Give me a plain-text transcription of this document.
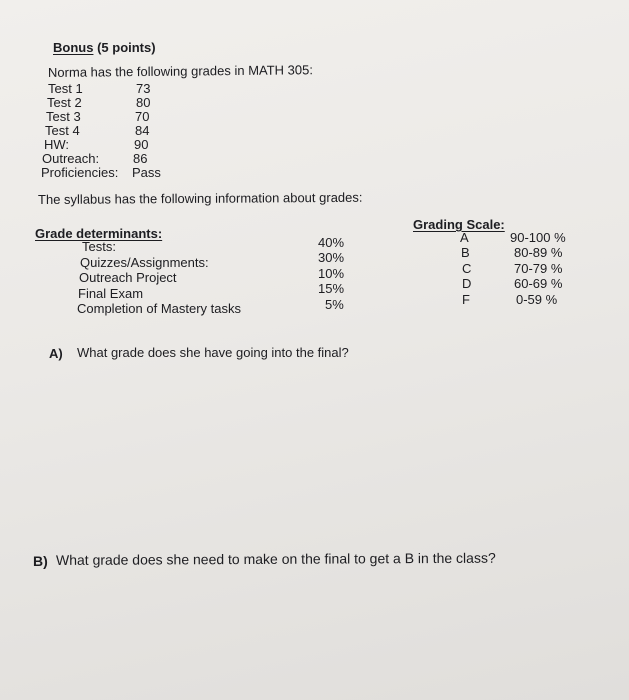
Bonus (5 points)
Norma has the following grades in MATH 305:
Test 1	73
Test 2	80
Test 3	70
Test 4	84
HW:	90
Outreach:	86
Proficiencies: Pass
The syllabus has the following information about grades:
Grade determinants:
Tests:	40%
Quizzes/Assignments:	30%
Outreach Project	10%
Final Exam	15%
Completion of Mastery tasks	5%
Grading Scale:
A	90-100 %
B	80-89 %
C	70-79 %
D	60-69 %
F	0-59 %
A) What grade does she have going into the final?
B) What grade does she need to make on the final to get a B in the class?
